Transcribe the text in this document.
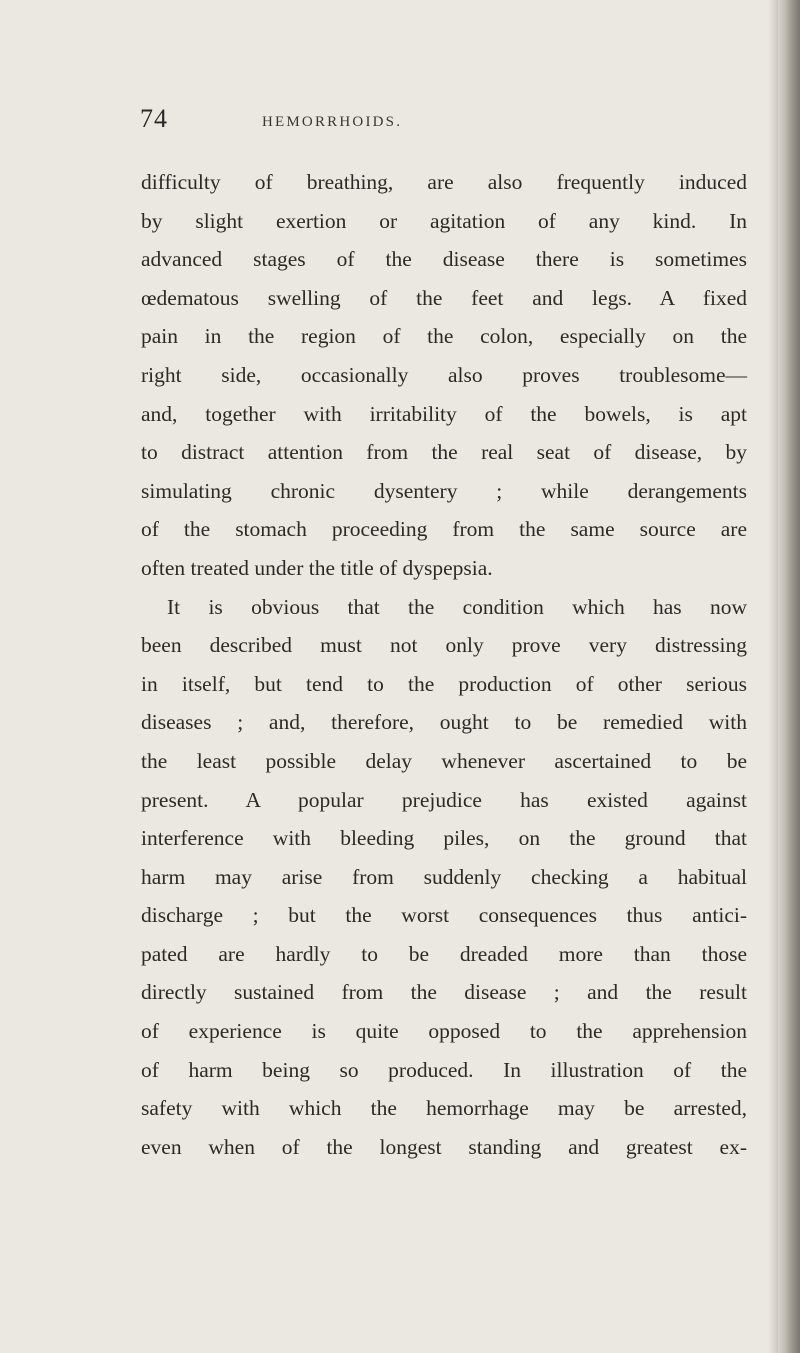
74	HEMORRHOIDS.
difficulty of breathing, are also frequently induced
by slight exertion or agitation of any kind. In
advanced stages of the disease there is sometimes
œdematous swelling of the feet and legs. A fixed
pain in the region of the colon, especially on the
right side, occasionally also proves troublesome—
and, together with irritability of the bowels, is apt
to distract attention from the real seat of disease, by
simulating chronic dysentery ; while derangements
of the stomach proceeding from the same source are
often treated under the title of dyspepsia.
It is obvious that the condition which has now
been described must not only prove very distressing
in itself, but tend to the production of other serious
diseases ; and, therefore, ought to be remedied with
the least possible delay whenever ascertained to be
present. A popular prejudice has existed against
interference with bleeding piles, on the ground that
harm may arise from suddenly checking a habitual
discharge ; but the worst consequences thus antici-
pated are hardly to be dreaded more than those
directly sustained from the disease ; and the result
of experience is quite opposed to the apprehension
of harm being so produced. In illustration of the
safety with which the hemorrhage may be arrested,
even when of the longest standing and greatest ex-
